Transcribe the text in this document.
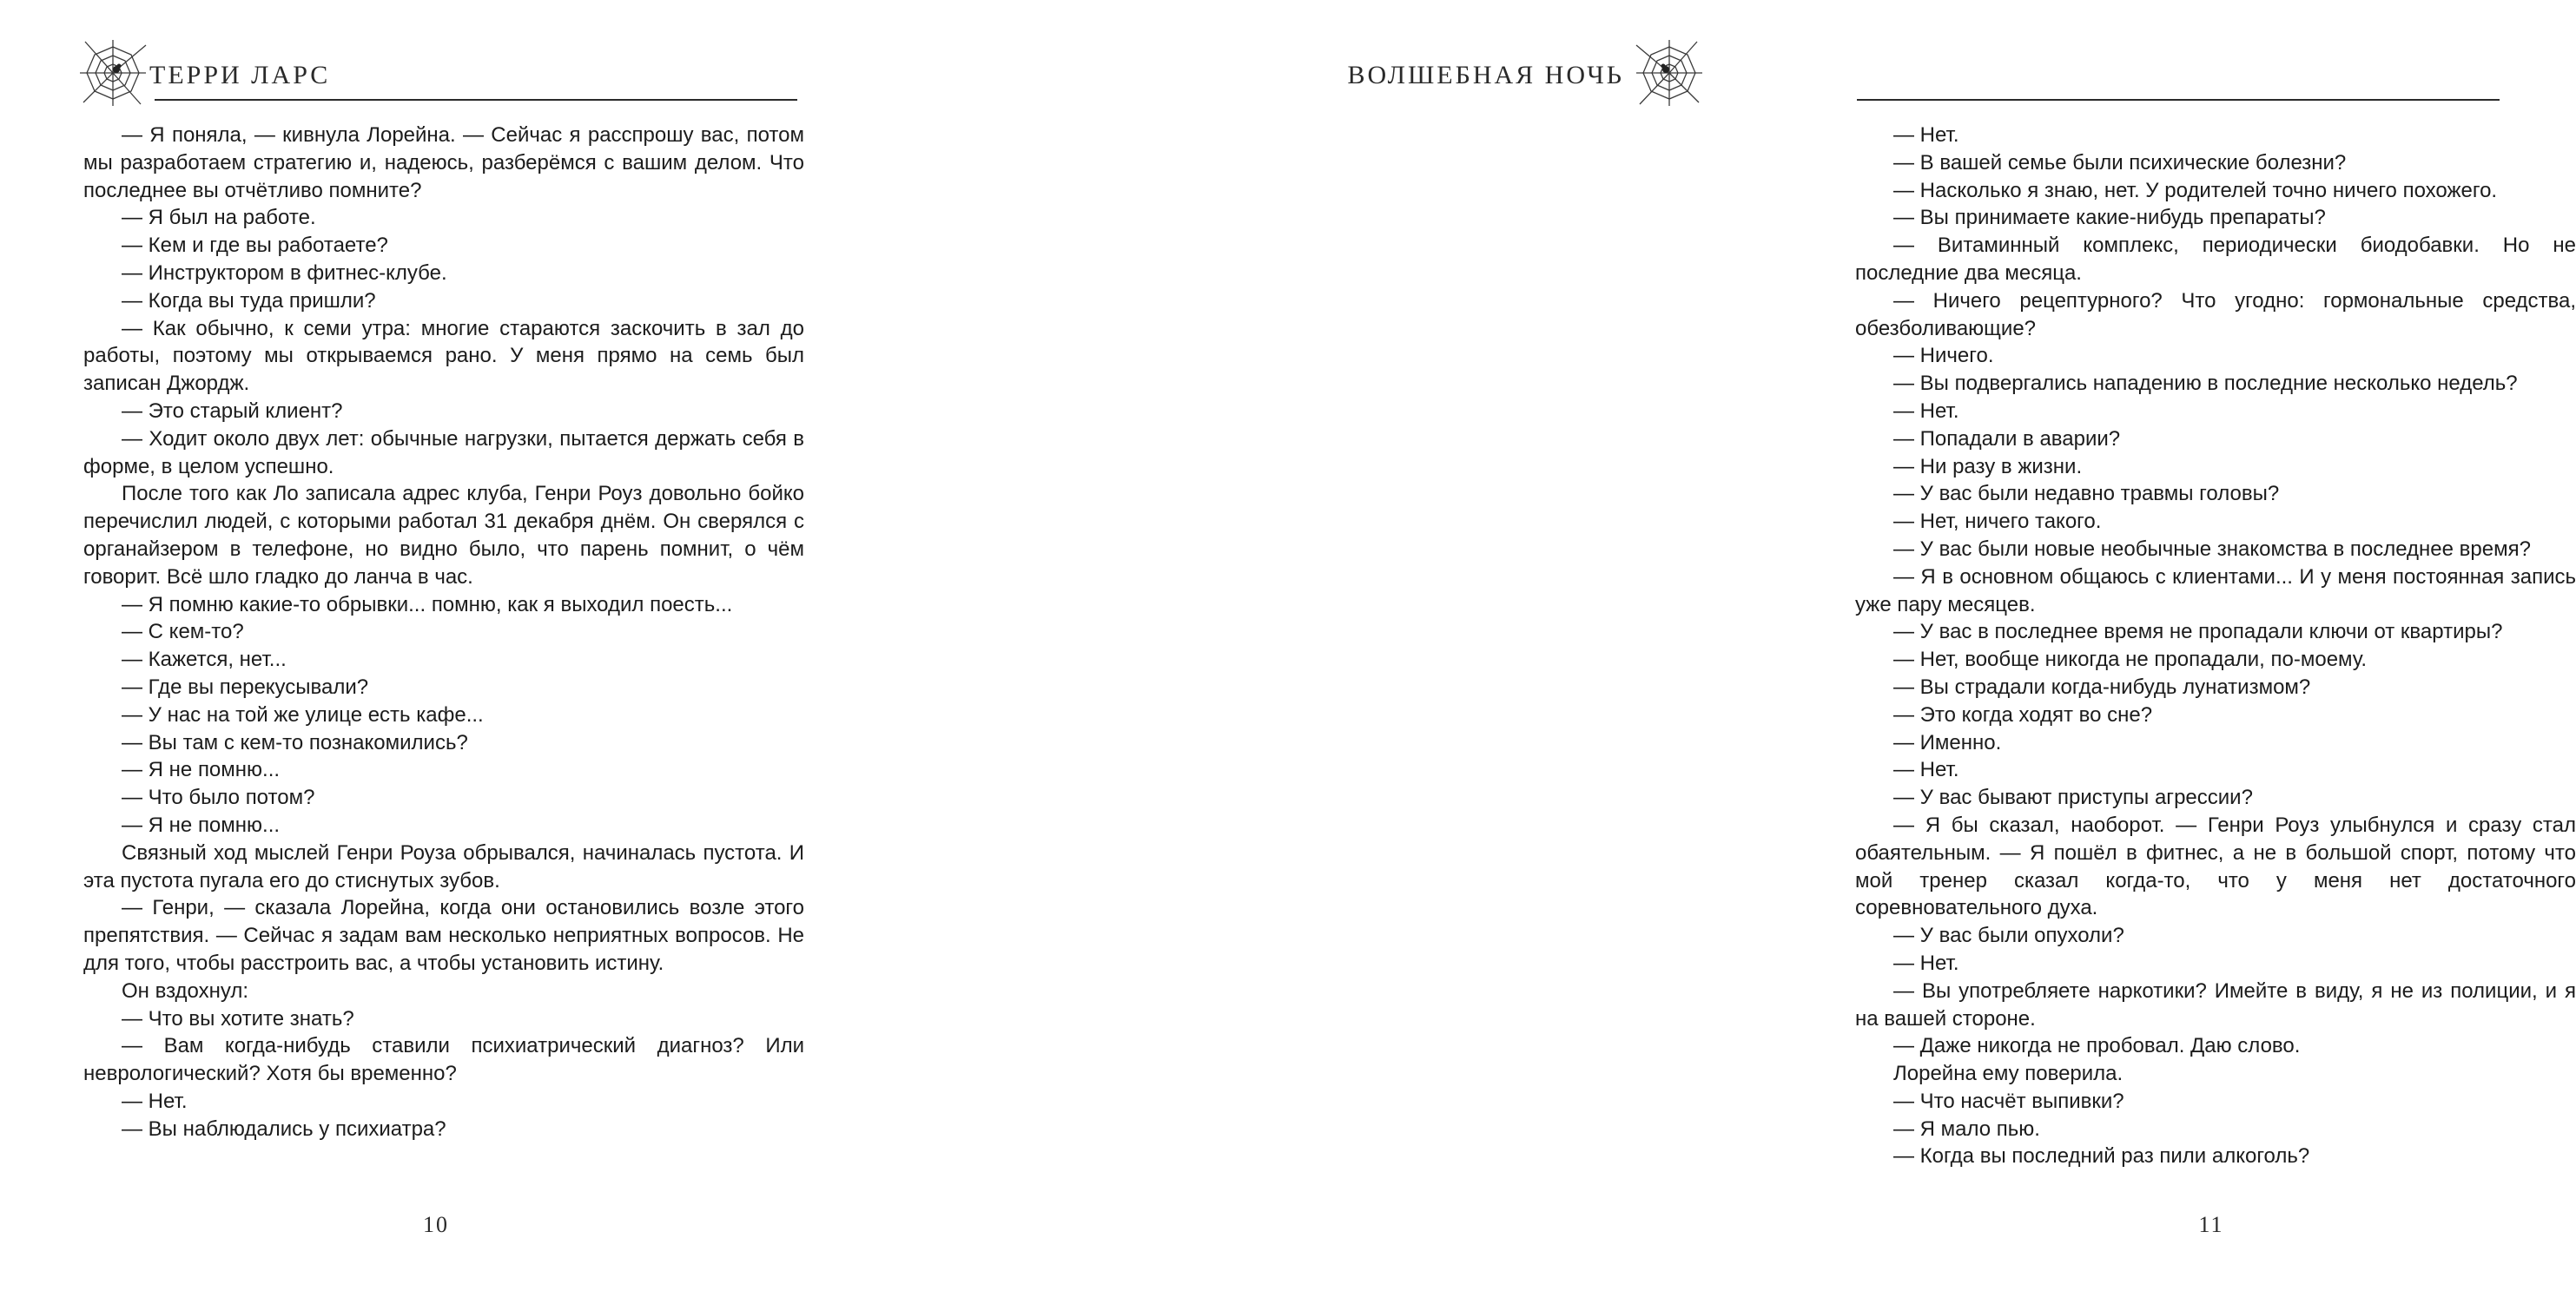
ТЕРРИ ЛАРС

— Я поняла, — кивнула Лорейна. — Сейчас я расспрошу вас, потом мы разработаем стратегию и, надеюсь, разберёмся с вашим делом. Что последнее вы отчётливо помните?

— Я был на работе.

— Кем и где вы работаете?

— Инструктором в фитнес-клубе.

— Когда вы туда пришли?

— Как обычно, к семи утра: многие стараются заскочить в зал до работы, поэтому мы открываемся рано. У меня прямо на семь был записан Джордж.

— Это старый клиент?

— Ходит около двух лет: обычные нагрузки, пытается держать себя в форме, в целом успешно.

После того как Ло записала адрес клуба, Генри Роуз довольно бойко перечислил людей, с которыми работал 31 декабря днём. Он сверялся с органайзером в телефоне, но видно было, что парень помнит, о чём говорит. Всё шло гладко до ланча в час.

— Я помню какие-то обрывки... помню, как я выходил поесть...

— С кем-то?

— Кажется, нет...

— Где вы перекусывали?

— У нас на той же улице есть кафе...

— Вы там с кем-то познакомились?

— Я не помню...

— Что было потом?

— Я не помню...

Связный ход мыслей Генри Роуза обрывался, начиналась пустота. И эта пустота пугала его до стиснутых зубов.

— Генри, — сказала Лорейна, когда они остановились возле этого препятствия. — Сейчас я задам вам несколько неприятных вопросов. Не для того, чтобы расстроить вас, а чтобы установить истину.

Он вздохнул:

— Что вы хотите знать?

— Вам когда-нибудь ставили психиатрический диагноз? Или неврологический? Хотя бы временно?

— Нет.

— Вы наблюдались у психиатра?

10
ВОЛШЕБНАЯ НОЧЬ

— Нет.

— В вашей семье были психические болезни?

— Насколько я знаю, нет. У родителей точно ничего похожего.

— Вы принимаете какие-нибудь препараты?

— Витаминный комплекс, периодически биодобавки. Но не последние два месяца.

— Ничего рецептурного? Что угодно: гормональные средства, обезболивающие?

— Ничего.

— Вы подвергались нападению в последние несколько недель?

— Нет.

— Попадали в аварии?

— Ни разу в жизни.

— У вас были недавно травмы головы?

— Нет, ничего такого.

— У вас были новые необычные знакомства в последнее время?

— Я в основном общаюсь с клиентами... И у меня постоянная запись уже пару месяцев.

— У вас в последнее время не пропадали ключи от квартиры?

— Нет, вообще никогда не пропадали, по-моему.

— Вы страдали когда-нибудь лунатизмом?

— Это когда ходят во сне?

— Именно.

— Нет.

— У вас бывают приступы агрессии?

— Я бы сказал, наоборот. — Генри Роуз улыбнулся и сразу стал обаятельным. — Я пошёл в фитнес, а не в большой спорт, потому что мой тренер сказал когда-то, что у меня нет достаточного соревновательного духа.

— У вас были опухоли?

— Нет.

— Вы употребляете наркотики? Имейте в виду, я не из полиции, и я на вашей стороне.

— Даже никогда не пробовал. Даю слово.

Лорейна ему поверила.

— Что насчёт выпивки?

— Я мало пью.

— Когда вы последний раз пили алкоголь?

11
